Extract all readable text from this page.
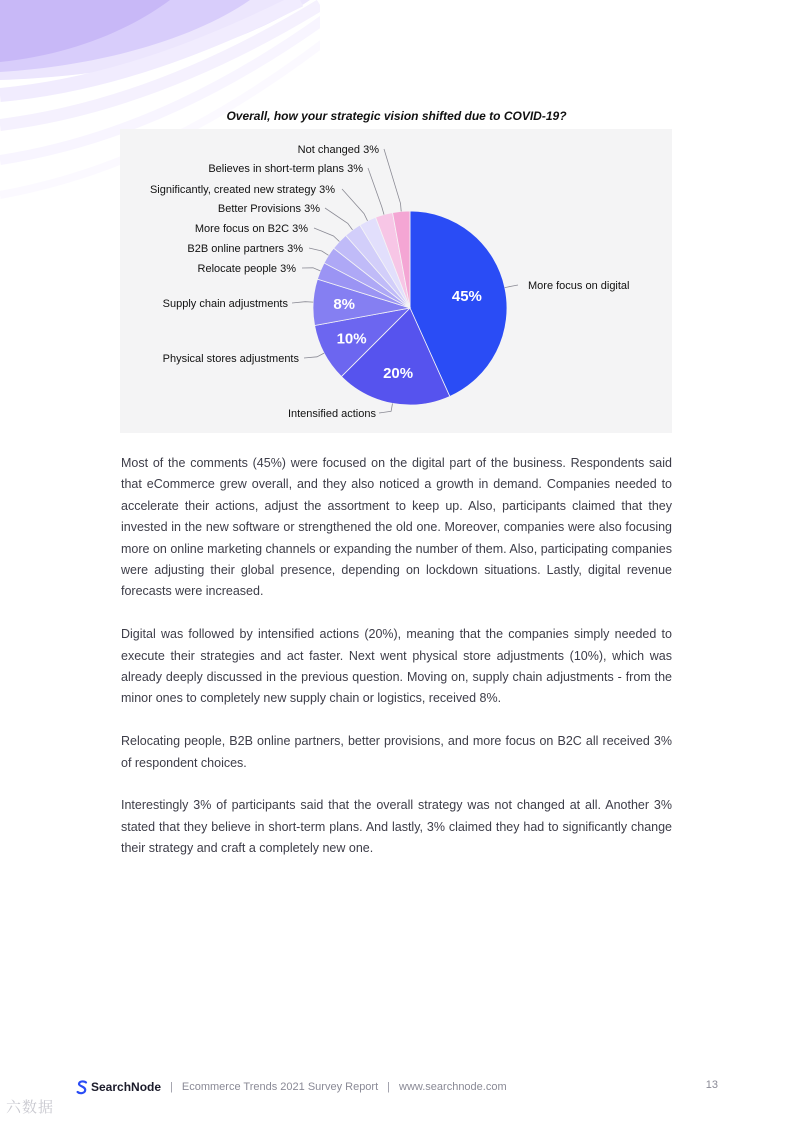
Overall, how your strategic vision shifted due to COVID-19?

45%
More focus on digital
20%
Intensified actions
10%
Physical stores adjustments
8%
Supply chain adjustments
Relocate people 3%
B2B online partners 3%
More focus on B2C 3%
Better Provisions 3%
Significantly, created new strategy 3%
Believes in short-term plans 3%
Not changed 3%

Most of the comments (45%) were focused on the digital part of the business. Respondents said that eCommerce grew overall, and they also noticed a growth in demand. Companies needed to accelerate their actions, adjust the assortment to keep up. Also, participants claimed that they invested in the new software or strengthened the old one. Moreover, companies were also focusing more on online marketing channels or expanding the number of them. Also, participating companies were adjusting their global presence, depending on lockdown situations. Lastly, digital revenue forecasts were increased.

Digital was followed by intensified actions (20%), meaning that the companies simply needed to execute their strategies and act faster. Next went physical store adjustments (10%), which was already deeply discussed in the previous question. Moving on, supply chain adjustments - from the minor ones to completely new supply chain or logistics, received 8%.

Relocating people, B2B online partners, better provisions, and more focus on B2C all received 3% of respondent choices.

Interestingly 3% of participants said that the overall strategy was not changed at all. Another 3% stated that they believe in short-term plans. And lastly, 3% claimed they had to significantly change their strategy and craft a completely new one.

SearchNode | Ecommerce Trends 2021 Survey Report | www.searchnode.com	13
六数据
